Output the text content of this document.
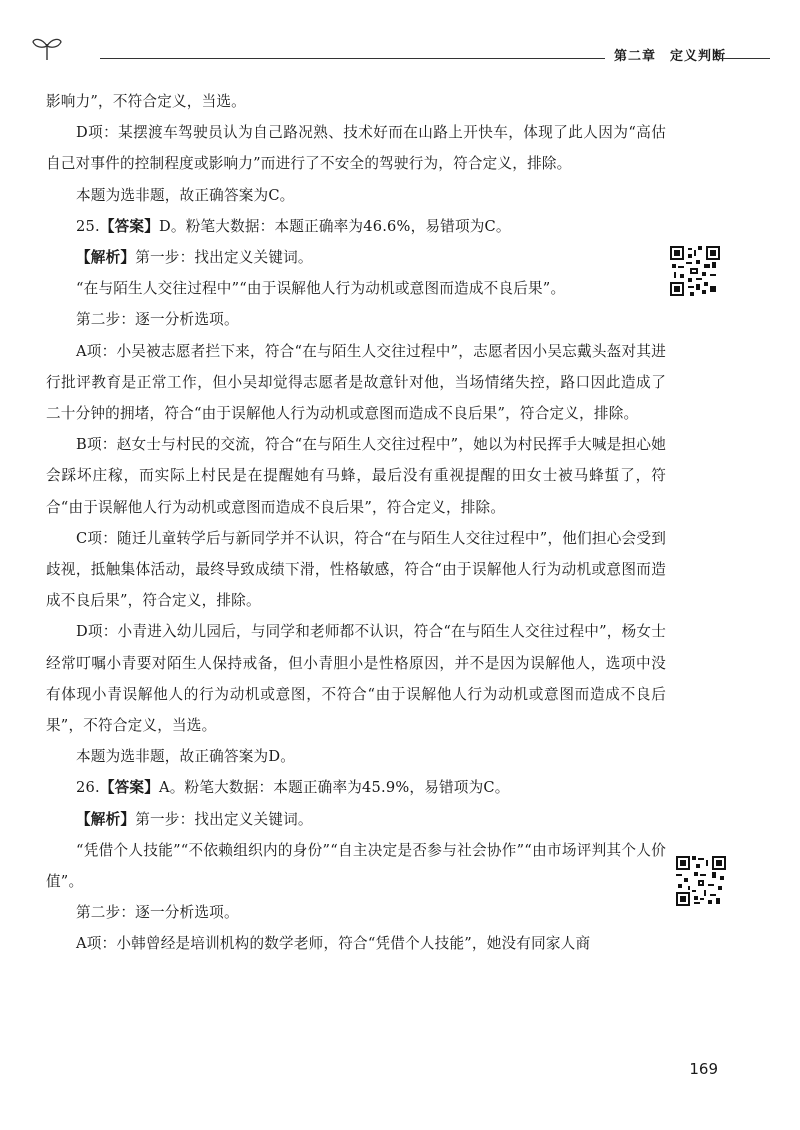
第二章　定义判断

影响力”，不符合定义，当选。

D项：某摆渡车驾驶员认为自己路况熟、技术好而在山路上开快车，体现了此人因为“高估自己对事件的控制程度或影响力”而进行了不安全的驾驶行为，符合定义，排除。

本题为选非题，故正确答案为C。

25.【答案】D。粉笔大数据：本题正确率为46.6%，易错项为C。

【解析】第一步：找出定义关键词。

“在与陌生人交往过程中”“由于误解他人行为动机或意图而造成不良后果”。

第二步：逐一分析选项。

A项：小吴被志愿者拦下来，符合“在与陌生人交往过程中”，志愿者因小吴忘戴头盔对其进行批评教育是正常工作，但小吴却觉得志愿者是故意针对他，当场情绪失控，路口因此造成了二十分钟的拥堵，符合“由于误解他人行为动机或意图而造成不良后果”，符合定义，排除。

B项：赵女士与村民的交流，符合“在与陌生人交往过程中”，她以为村民挥手大喊是担心她会踩坏庄稼，而实际上村民是在提醒她有马蜂，最后没有重视提醒的田女士被马蜂蜇了，符合“由于误解他人行为动机或意图而造成不良后果”，符合定义，排除。

C项：随迁儿童转学后与新同学并不认识，符合“在与陌生人交往过程中”，他们担心会受到歧视，抵触集体活动，最终导致成绩下滑，性格敏感，符合“由于误解他人行为动机或意图而造成不良后果”，符合定义，排除。

D项：小青进入幼儿园后，与同学和老师都不认识，符合“在与陌生人交往过程中”，杨女士经常叮嘱小青要对陌生人保持戒备，但小青胆小是性格原因，并不是因为误解他人，选项中没有体现小青误解他人的行为动机或意图，不符合“由于误解他人行为动机或意图而造成不良后果”，不符合定义，当选。

本题为选非题，故正确答案为D。

26.【答案】A。粉笔大数据：本题正确率为45.9%，易错项为C。

【解析】第一步：找出定义关键词。

“凭借个人技能”“不依赖组织内的身份”“自主决定是否参与社会协作”“由市场评判其个人价值”。

第二步：逐一分析选项。

A项：小韩曾经是培训机构的数学老师，符合“凭借个人技能”，她没有同家人商

169
